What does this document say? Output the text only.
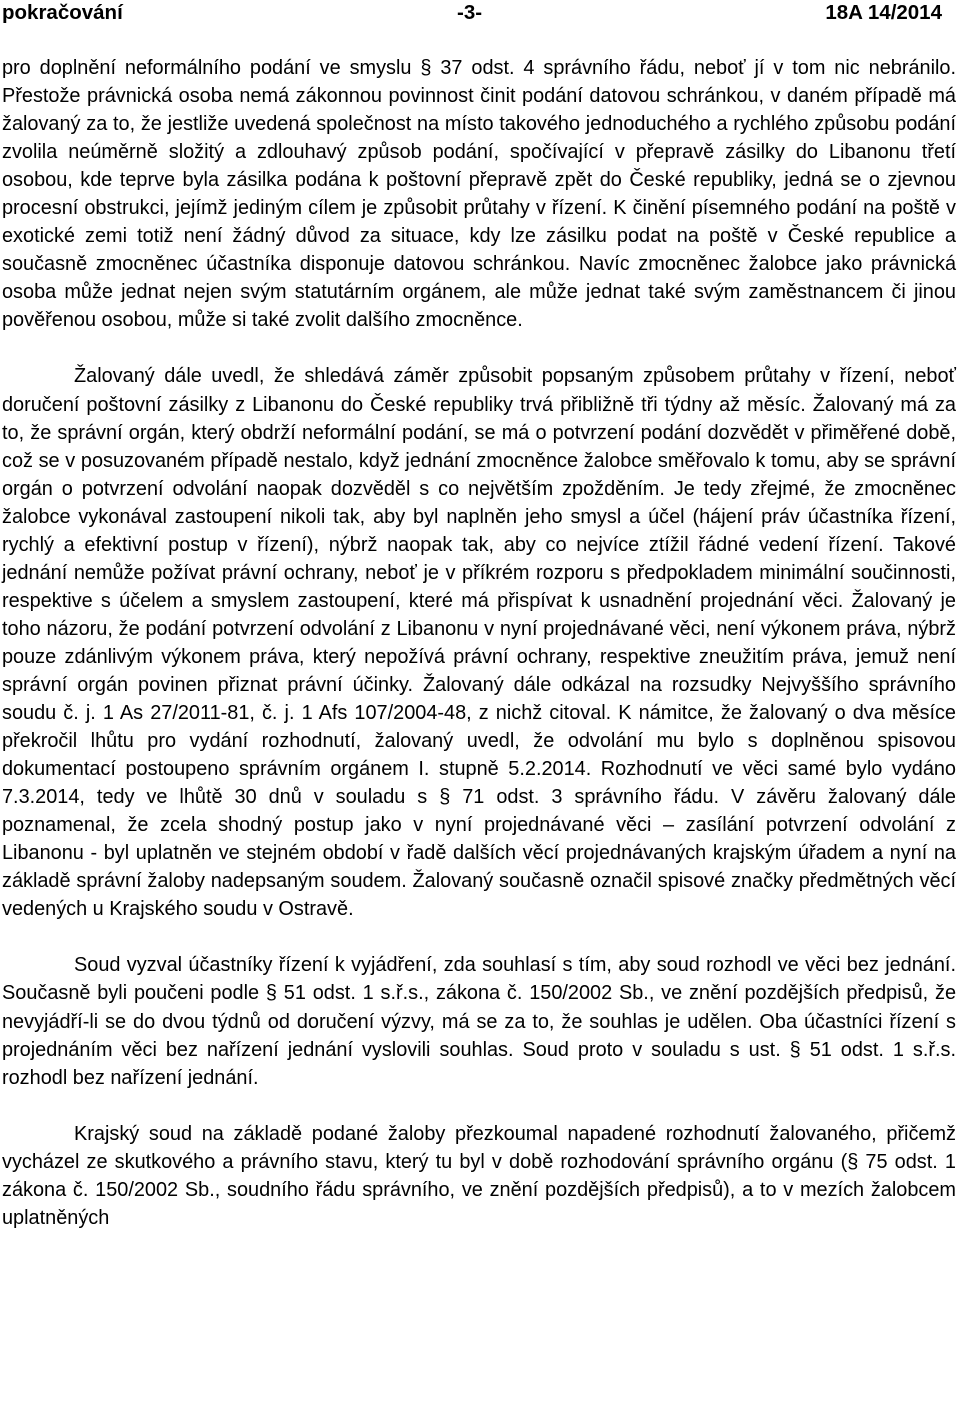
pokračování	-3-	18A 14/2014

pro doplnění neformálního podání ve smyslu § 37 odst. 4 správního řádu, neboť jí v tom nic nebránilo. Přestože právnická osoba nemá zákonnou povinnost činit podání datovou schránkou, v daném případě má žalovaný za to, že jestliže uvedená společnost na místo takového jednoduchého a rychlého způsobu podání zvolila neúměrně složitý a zdlouhavý způsob podání, spočívající v přepravě zásilky do Libanonu třetí osobou, kde teprve byla zásilka podána k poštovní přepravě zpět do České republiky, jedná se o zjevnou procesní obstrukci, jejímž jediným cílem je způsobit průtahy v řízení. K činění písemného podání na poště v exotické zemi totiž není žádný důvod za situace, kdy lze zásilku podat na poště v České republice a současně zmocněnec účastníka disponuje datovou schránkou. Navíc zmocněnec žalobce jako právnická osoba může jednat nejen svým statutárním orgánem, ale může jednat také svým zaměstnancem či jinou pověřenou osobou, může si také zvolit dalšího zmocněnce.

Žalovaný dále uvedl, že shledává záměr způsobit popsaným způsobem průtahy v řízení, neboť doručení poštovní zásilky z Libanonu do České republiky trvá přibližně tři týdny až měsíc. Žalovaný má za to, že správní orgán, který obdrží neformální podání, se má o potvrzení podání dozvědět v přiměřené době, což se v posuzovaném případě nestalo, když jednání zmocněnce žalobce směřovalo k tomu, aby se správní orgán o potvrzení odvolání naopak dozvěděl s co největším zpožděním. Je tedy zřejmé, že zmocněnec žalobce vykonával zastoupení nikoli tak, aby byl naplněn jeho smysl a účel (hájení práv účastníka řízení, rychlý a efektivní postup v řízení), nýbrž naopak tak, aby co nejvíce ztížil řádné vedení řízení. Takové jednání nemůže požívat právní ochrany, neboť je v příkrém rozporu s předpokladem minimální součinnosti, respektive s účelem a smyslem zastoupení, které má přispívat k usnadnění projednání věci. Žalovaný je toho názoru, že podání potvrzení odvolání z Libanonu v nyní projednávané věci, není výkonem práva, nýbrž pouze zdánlivým výkonem práva, který nepožívá právní ochrany, respektive zneužitím práva, jemuž není správní orgán povinen přiznat právní účinky. Žalovaný dále odkázal na rozsudky Nejvyššího správního soudu č. j. 1 As 27/2011-81, č. j. 1 Afs 107/2004-48, z nichž citoval. K námitce, že žalovaný o dva měsíce překročil lhůtu pro vydání rozhodnutí, žalovaný uvedl, že odvolání mu bylo s doplněnou spisovou dokumentací postoupeno správním orgánem I. stupně 5.2.2014. Rozhodnutí ve věci samé bylo vydáno 7.3.2014, tedy ve lhůtě 30 dnů v souladu s § 71 odst. 3 správního řádu. V závěru žalovaný dále poznamenal, že zcela shodný postup jako v nyní projednávané věci – zasílání potvrzení odvolání z Libanonu - byl uplatněn ve stejném období v řadě dalších věcí projednávaných krajským úřadem a nyní na základě správní žaloby nadepsaným soudem. Žalovaný současně označil spisové značky předmětných věcí vedených u Krajského soudu v Ostravě.

Soud vyzval účastníky řízení k vyjádření, zda souhlasí s tím, aby soud rozhodl ve věci bez jednání. Současně byli poučeni podle § 51 odst. 1 s.ř.s., zákona č. 150/2002 Sb., ve znění pozdějších předpisů, že nevyjádří-li se do dvou týdnů od doručení výzvy, má se za to, že souhlas je udělen. Oba účastníci řízení s projednáním věci bez nařízení jednání vyslovili souhlas. Soud proto v souladu s ust. § 51 odst. 1 s.ř.s. rozhodl bez nařízení jednání.

Krajský soud na základě podané žaloby přezkoumal napadené rozhodnutí žalovaného, přičemž vycházel ze skutkového a právního stavu, který tu byl v době rozhodování správního orgánu (§ 75 odst. 1 zákona č. 150/2002 Sb., soudního řádu správního, ve znění pozdějších předpisů), a to v mezích žalobcem uplatněných
